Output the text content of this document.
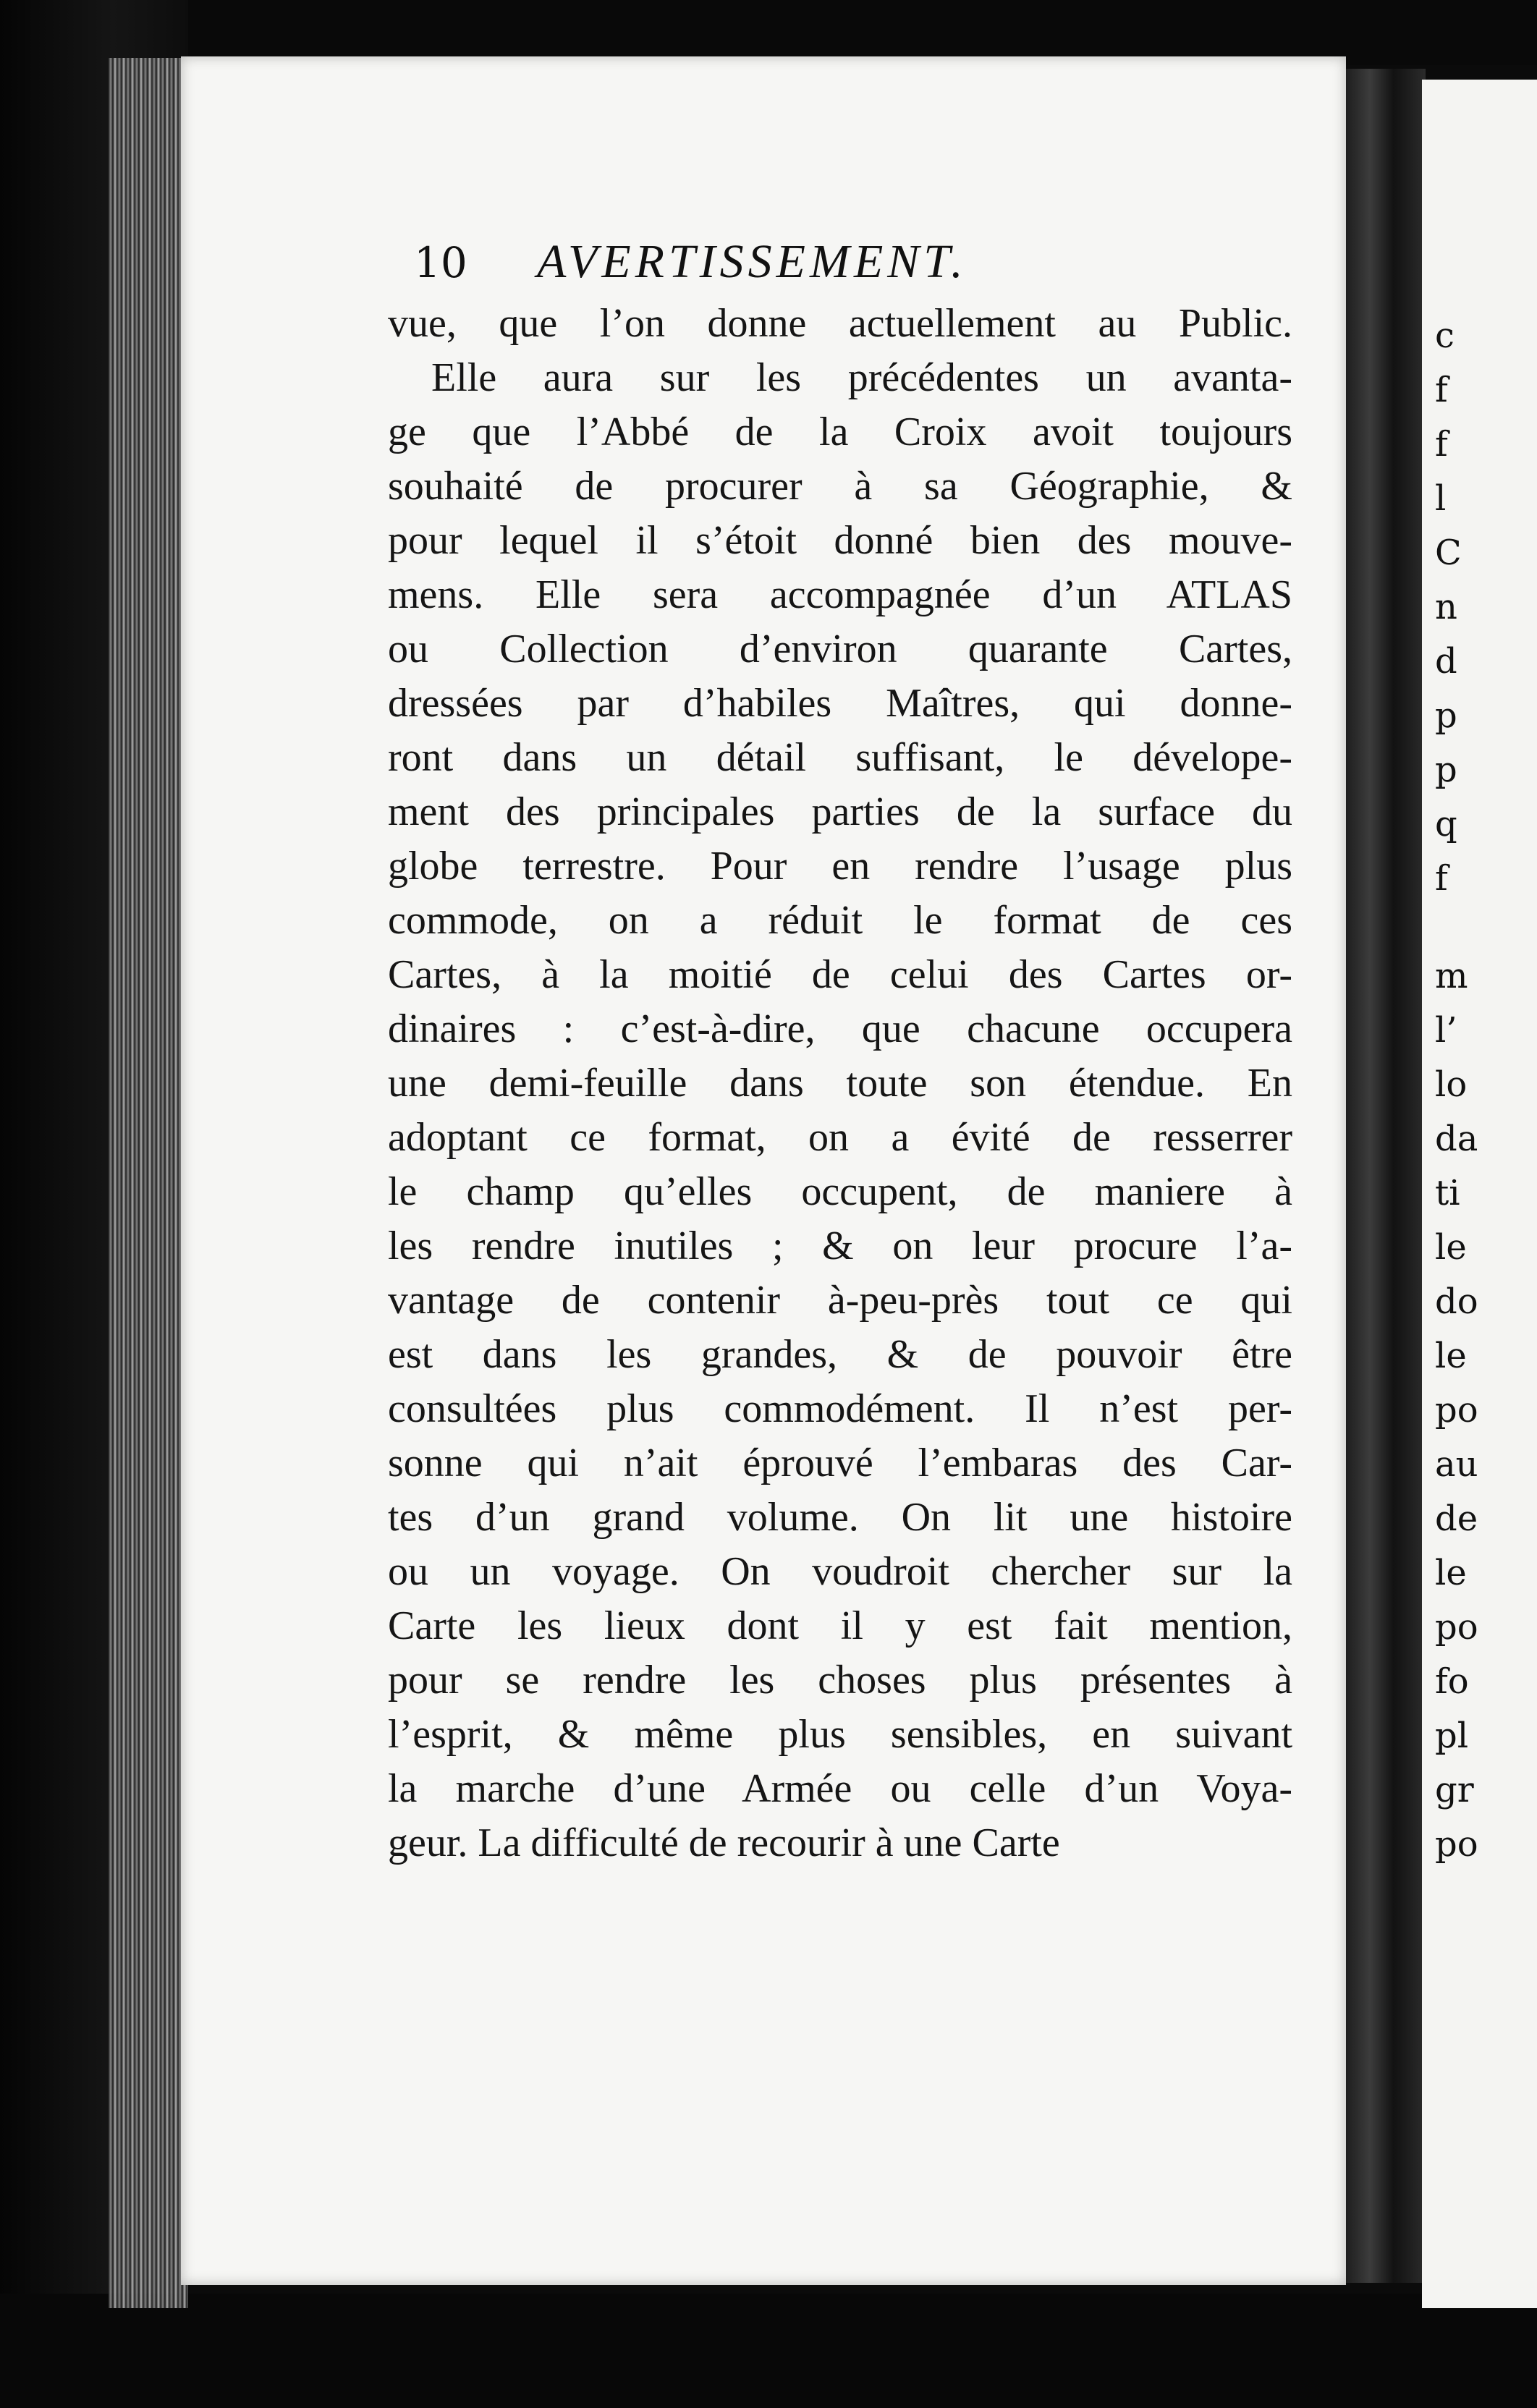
c
f
f
l
C
n
d
p
p
q
f
m
l’
lo
da
ti
le
do
le
po
au
de
le
po
fo
pl
gr
po
10	AVERTISSEMENT.
vue, que l’on donne actuellement au Public.
Elle aura sur les précédentes un avanta-
ge que l’Abbé de la Croix avoit toujours
souhaité de procurer à sa Géographie, &
pour lequel il s’étoit donné bien des mouve-
mens. Elle sera accompagnée d’un ATLAS
ou Collection d’environ quarante Cartes,
dressées par d’habiles Maîtres, qui donne-
ront dans un détail suffisant, le dévelope-
ment des principales parties de la surface du
globe terrestre. Pour en rendre l’usage plus
commode, on a réduit le format de ces
Cartes, à la moitié de celui des Cartes or-
dinaires : c’est-à-dire, que chacune occupera
une demi-feuille dans toute son étendue. En
adoptant ce format, on a évité de resserrer
le champ qu’elles occupent, de maniere à
les rendre inutiles ; & on leur procure l’a-
vantage de contenir à-peu-près tout ce qui
est dans les grandes, & de pouvoir être
consultées plus commodément. Il n’est per-
sonne qui n’ait éprouvé l’embaras des Car-
tes d’un grand volume. On lit une histoire
ou un voyage. On voudroit chercher sur la
Carte les lieux dont il y est fait mention,
pour se rendre les choses plus présentes à
l’esprit, & même plus sensibles, en suivant
la marche d’une Armée ou celle d’un Voya-
geur. La difficulté de recourir à une Carte
